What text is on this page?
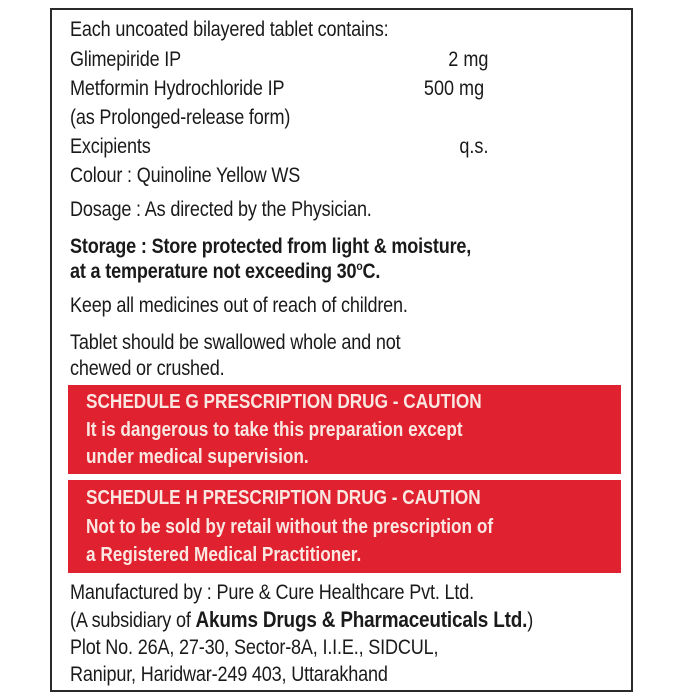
Each uncoated bilayered tablet contains:
Glimepiride IP	2 mg
Metformin Hydrochloride IP	500 mg
(as Prolonged-release form)
Excipients	q.s.
Colour : Quinoline Yellow WS
Dosage : As directed by the Physician.
Storage : Store protected from light & moisture,
at a temperature not exceeding 30$^o$C.
Keep all medicines out of reach of children.
Tablet should be swallowed whole and not
chewed or crushed.
SCHEDULE G PRESCRIPTION DRUG - CAUTION
It is dangerous to take this preparation except
under medical supervision.
SCHEDULE H PRESCRIPTION DRUG - CAUTION
Not to be sold by retail without the prescription of
a Registered Medical Practitioner.
Manufactured by : Pure & Cure Healthcare Pvt. Ltd.
(A subsidiary of Akums Drugs & Pharmaceuticals Ltd.)
Plot No. 26A, 27-30, Sector-8A, I.I.E., SIDCUL,
Ranipur, Haridwar-249 403, Uttarakhand
